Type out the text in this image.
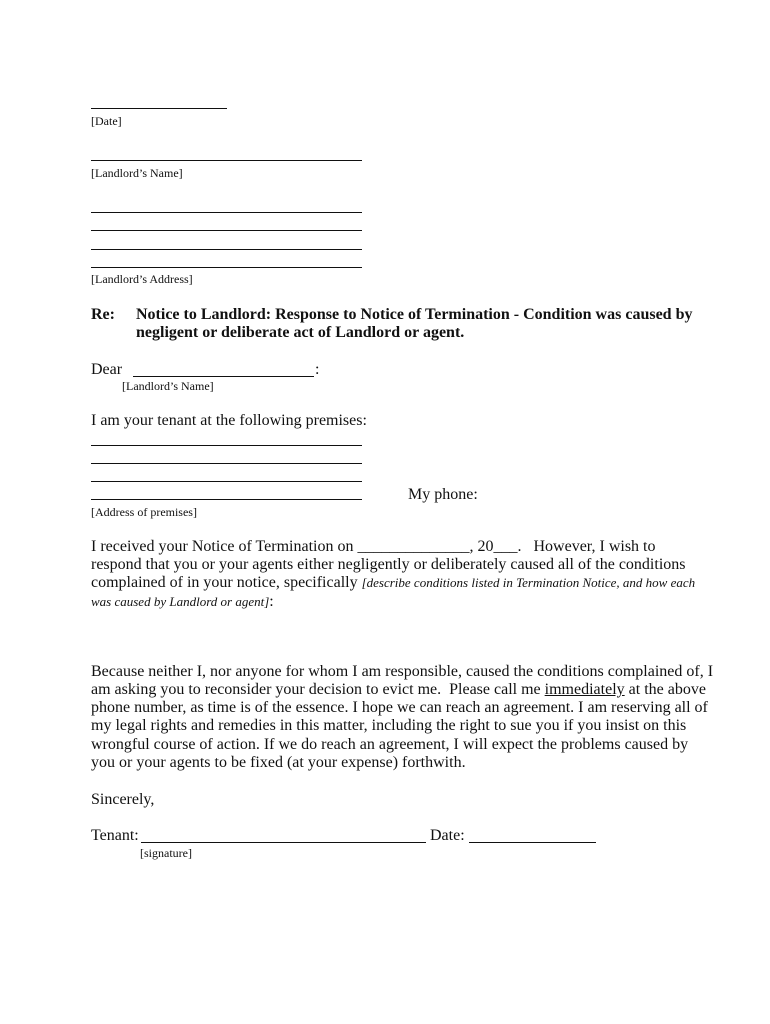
[Date]
[Landlord’s Name]
[Landlord’s Address]
Re: Notice to Landlord: Response to Notice of Termination - Condition was caused by
negligent or deliberate act of Landlord or agent.
Dear	:
[Landlord’s Name]
I am your tenant at the following premises:
My phone:
[Address of premises]
I received your Notice of Termination on ______________, 20___.   However, I wish to
respond that you or your agents either negligently or deliberately caused all of the conditions
complained of in your notice, specifically [describe conditions listed in Termination Notice, and how each
was caused by Landlord or agent]:
Because neither I, nor anyone for whom I am responsible, caused the conditions complained of, I
am asking you to reconsider your decision to evict me.  Please call me immediately at the above
phone number, as time is of the essence. I hope we can reach an agreement. I am reserving all of
my legal rights and remedies in this matter, including the right to sue you if you insist on this
wrongful course of action. If we do reach an agreement, I will expect the problems caused by
you or your agents to be fixed (at your expense) forthwith.
Sincerely,
Tenant:	Date:
[signature]
